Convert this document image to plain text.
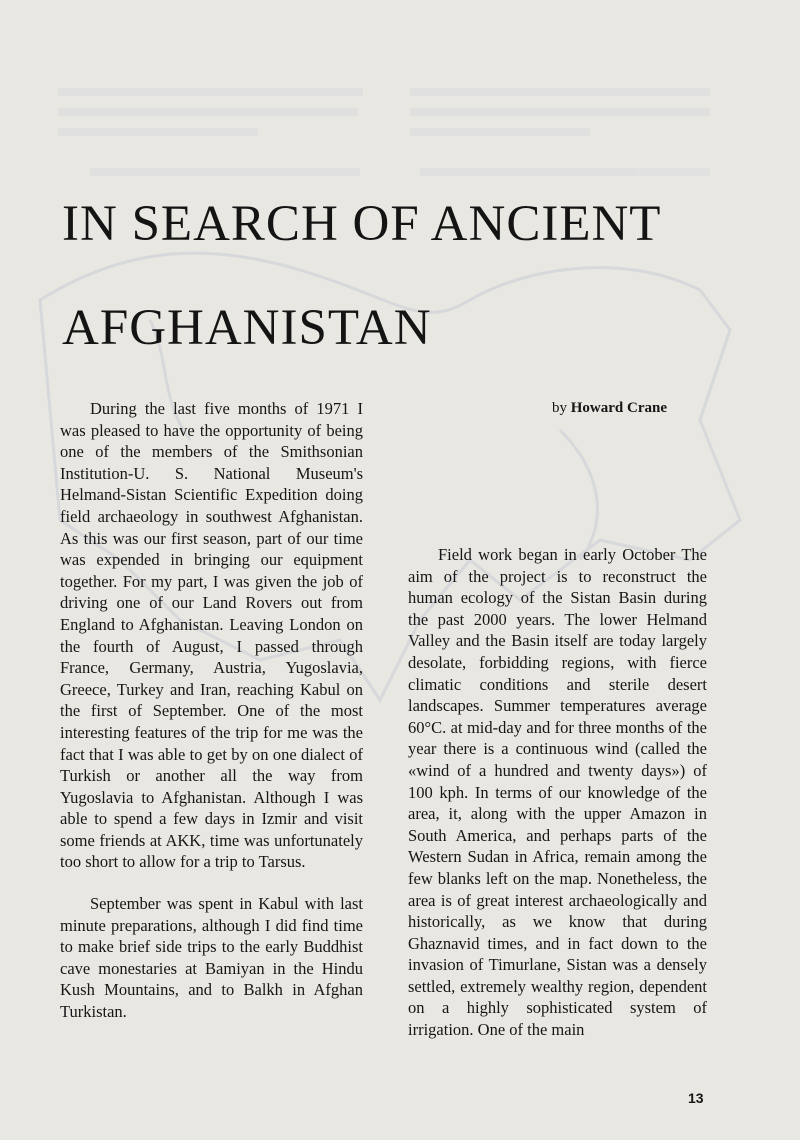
IN SEARCH OF ANCIENT
AFGHANISTAN
by Howard Crane

During the last five months of 1971 I was pleased to have the opportunity of being one of the members of the Smithsonian Institution-U. S. National Museum's Helmand-Sistan Scientific Expedition doing field archaeology in southwest Afghanistan. As this was our first season, part of our time was expended in bringing our equipment together. For my part, I was given the job of driving one of our Land Rovers out from England to Afghanistan. Leaving London on the fourth of August, I passed through France, Germany, Austria, Yugoslavia, Greece, Turkey and Iran, reaching Kabul on the first of September. One of the most interesting features of the trip for me was the fact that I was able to get by on one dialect of Turkish or another all the way from Yugoslavia to Afghanistan. Although I was able to spend a few days in Izmir and visit some friends at AKK, time was unfortunately too short to allow for a trip to Tarsus.

September was spent in Kabul with last minute preparations, although I did find time to make brief side trips to the early Buddhist cave monestaries at Bamiyan in the Hindu Kush Mountains, and to Balkh in Afghan Turkistan.

Field work began in early October The aim of the project is to reconstruct the human ecology of the Sistan Basin during the past 2000 years. The lower Helmand Valley and the Basin itself are today largely desolate, forbidding regions, with fierce climatic conditions and sterile desert landscapes. Summer temperatures average 60°C. at mid-day and for three months of the year there is a continuous wind (called the «wind of a hundred and twenty days») of 100 kph. In terms of our knowledge of the area, it, along with the upper Amazon in South America, and perhaps parts of the Western Sudan in Africa, remain among the few blanks left on the map. Nonetheless, the area is of great interest archaeologically and historically, as we know that during Ghaznavid times, and in fact down to the invasion of Timurlane, Sistan was a densely settled, extremely wealthy region, dependent on a highly sophisticated system of irrigation. One of the main

13
